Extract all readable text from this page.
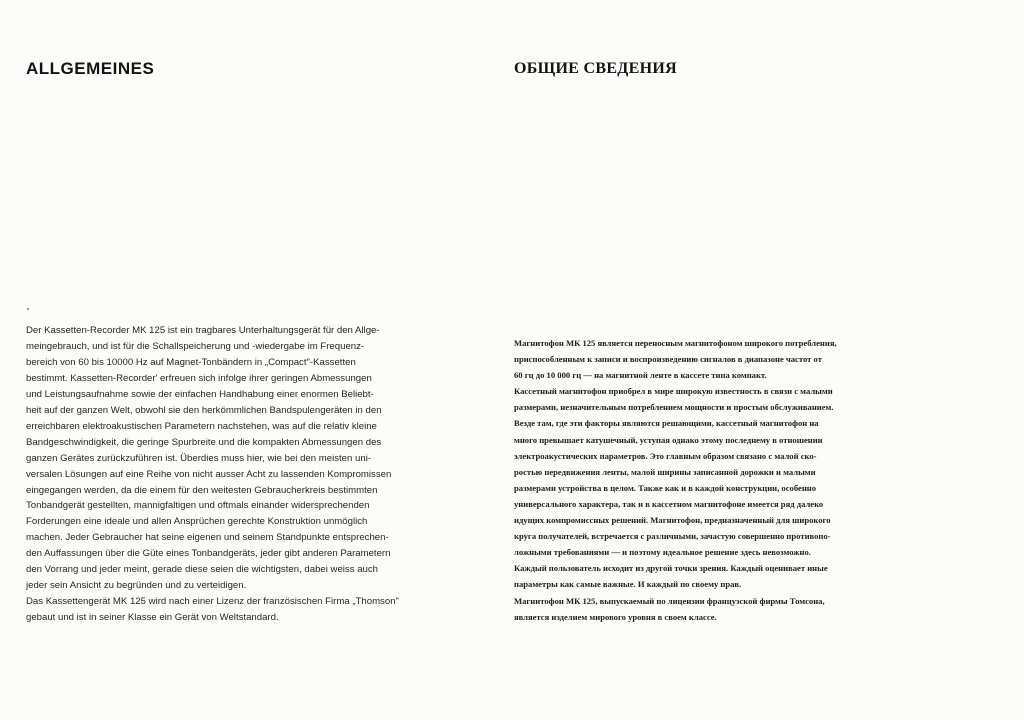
ALLGEMEINES	ОБЩИЕ СВЕДЕНИЯ
Der Kassetten-Recorder MK 125 ist ein tragbares Unterhaltungsgerät für den Allge-
meingebrauch, und ist für die Schallspeicherung und -wiedergabe im Frequenz-
bereich von 60 bis 10000 Hz auf Magnet-Tonbändern in „Compact"-Kassetten
bestimmt. Kassetten-Recorder' erfreuen sich infolge ihrer geringen Abmessungen
und Leistungsaufnahme sowie der einfachen Handhabung einer enormen Beliebt-
heit auf der ganzen Welt, obwohl sie den herkömmlichen Bandspulengeräten in den
erreichbaren elektroakustischen Parametern nachstehen, was auf die relativ kleine
Bandgeschwindigkeit, die geringe Spurbreite und die kompakten Abmessungen des
ganzen Gerätes zurückzuführen ist. Überdies muss hier, wie bei den meisten uni-
versalen Lösungen auf eine Reihe von nicht ausser Acht zu lassenden Kompromissen
eingegangen werden, da die einem für den weitesten Gebraucherkreis bestimmten
Tonbandgerät gestellten, mannigfaltigen und oftmals einander widersprechenden
Forderungen eine ideale und allen Ansprüchen gerechte Konstruktion unmöglich
machen. Jeder Gebraucher hat seine eigenen und seinem Standpunkte entsprechen-
den Auffassungen über die Güte eines Tonbandgeräts, jeder gibt anderen Parametern
den Vorrang und jeder meint, gerade diese seien die wichtigsten, dabei weiss auch
jeder sein Ansicht zu begründen und zu verteidigen.
Das Kassettengerät MK 125 wird nach einer Lizenz der französischen Firma „Thomson"
gebaut und ist in seiner Klasse ein Gerät von Weltstandard.
Магнитофон МК 125 является переносным магнитофоном широкого потребления,
приспособленным к записи и воспроизведению сигналов в диапазоне частот от
60 гц до 10 000 гц — на магнитной ленте в кассете типа компакт.
Кассетный магнитофон приобрел в мире широкую известность в связи с малыми
размерами, незначительным потреблением мощности и простым обслуживанием.
Везде там, где эти факторы являются решающими, кассетный магнитофон на
много превышает катушечный, уступая однако этому последнему в отношении
электроакустических параметров. Это главным образом связано с малой ско-
ростью передвижения ленты, малой ширины записанной дорожки и малыми
размерами устройства в целом. Также как и в каждой конструкции, особенно
универсального характера, так и в кассетном магнитофоне имеется ряд далеко
идущих компромиссных решений. Магнитофон, предназначенный для широкого
круга получателей, встречается с различными, зачастую совершенно противопо-
ложными требованиями — и поэтому идеальное решение здесь невозможно.
Каждый пользователь исходит из другой точки зрения. Каждый оценивает иные
параметры как самые важные. И каждый по своему прав.
Магнитофон МК 125, выпускаемый по лицензии французской фирмы Томсона,
является изделием мирового уровня в своем классе.
